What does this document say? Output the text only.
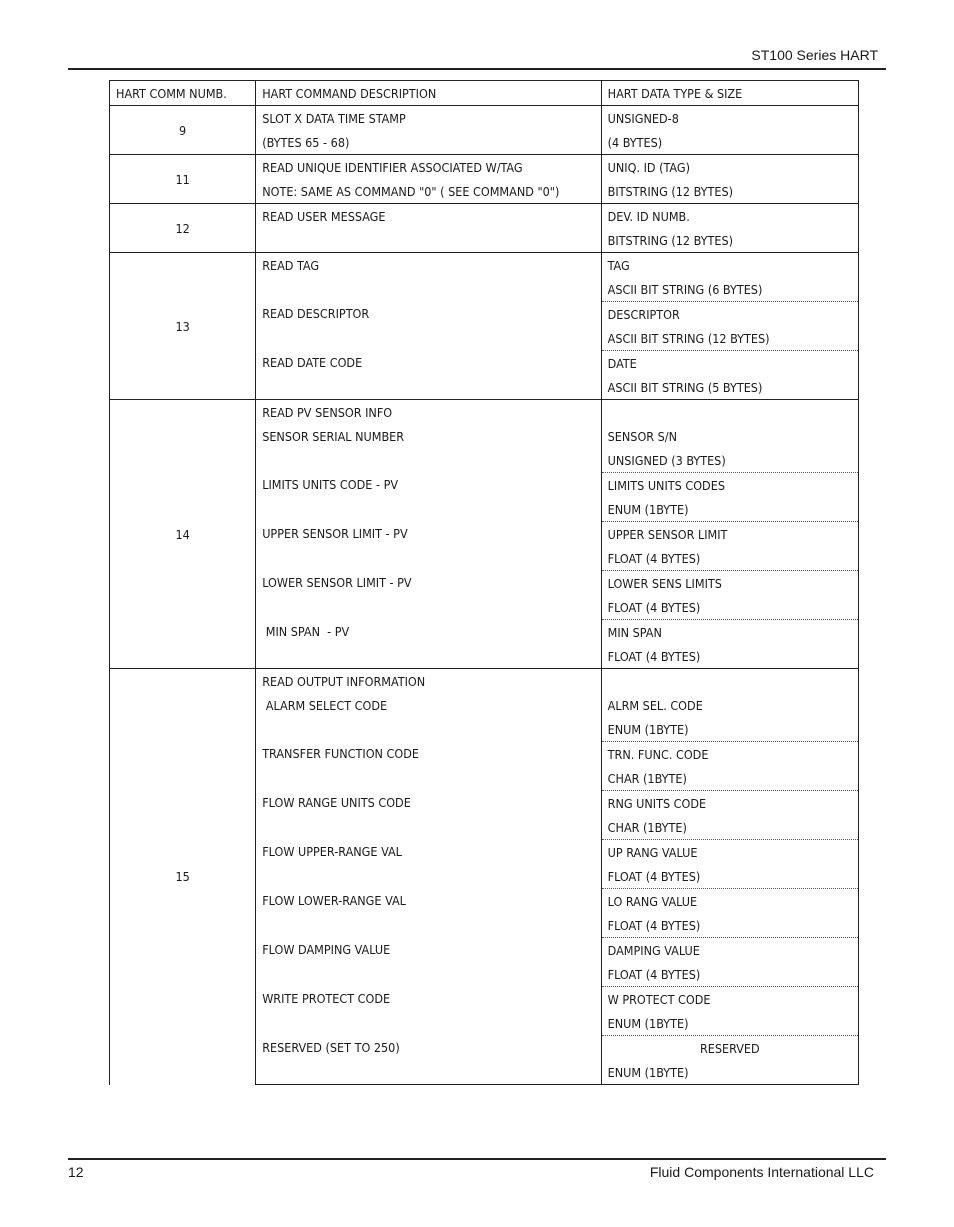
ST100 Series HART
HART COMM NUMB.	HART COMMAND DESCRIPTION	HART DATA TYPE & SIZE
9	SLOT X DATA TIME STAMP	UNSIGNED-8
	(BYTES 65 - 68)	(4 BYTES)
11	READ UNIQUE IDENTIFIER ASSOCIATED W/TAG	UNIQ. ID (TAG)
	NOTE: SAME AS COMMAND "0" ( SEE COMMAND "0")	BITSTRING (12 BYTES)
12	READ USER MESSAGE	DEV. ID NUMB.
		BITSTRING (12 BYTES)
13	READ TAG	TAG
		ASCII BIT STRING (6 BYTES)
	READ DESCRIPTOR	DESCRIPTOR
		ASCII BIT STRING (12 BYTES)
	READ DATE CODE	DATE
		ASCII BIT STRING (5 BYTES)
14	READ PV SENSOR INFO	
	SENSOR SERIAL NUMBER	SENSOR S/N
		UNSIGNED (3 BYTES)
	LIMITS UNITS CODE - PV	LIMITS UNITS CODES
		ENUM (1BYTE)
	UPPER SENSOR LIMIT - PV	UPPER SENSOR LIMIT
		FLOAT (4 BYTES)
	LOWER SENSOR LIMIT - PV	LOWER SENS LIMITS
		FLOAT (4 BYTES)
	MIN SPAN  - PV	MIN SPAN
		FLOAT (4 BYTES)
15	READ OUTPUT INFORMATION	
	ALARM SELECT CODE	ALRM SEL. CODE
		ENUM (1BYTE)
	TRANSFER FUNCTION CODE	TRN. FUNC. CODE
		CHAR (1BYTE)
	FLOW RANGE UNITS CODE	RNG UNITS CODE
		CHAR (1BYTE)
	FLOW UPPER-RANGE VAL	UP RANG VALUE
		FLOAT (4 BYTES)
	FLOW LOWER-RANGE VAL	LO RANG VALUE
		FLOAT (4 BYTES)
	FLOW DAMPING VALUE	DAMPING VALUE
		FLOAT (4 BYTES)
	WRITE PROTECT CODE	W PROTECT CODE
		ENUM (1BYTE)
	RESERVED (SET TO 250)	RESERVED
		ENUM (1BYTE)
12	Fluid Components International LLC
